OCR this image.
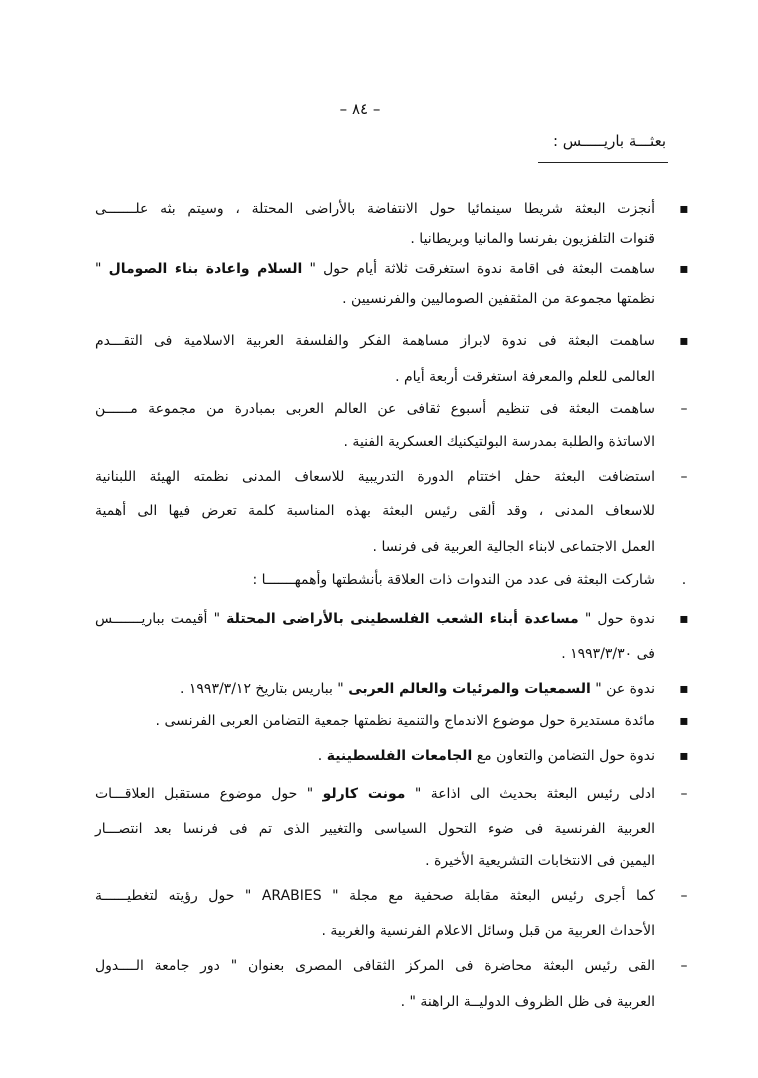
– ٨٤ –
بعثـــة باريـــــس :
▪
أنجزت البعثة شريطا سينمائيا حول الانتفاضة بالأراضى المحتلة ، وسيتم بثه علـــــــى
قنوات التلفزيون بفرنسا والمانيا وبريطانيا .
▪
ساهمت البعثة فى اقامة ندوة استغرقت ثلاثة أيام حول " السلام واعادة بناء الصومال "
نظمتها مجموعة من المثقفين الصوماليين والفرنسيين .
▪
ساهمت البعثة فى ندوة لابراز مساهمة الفكر والفلسفة العربية الاسلامية فى التقـــدم
العالمى للعلم والمعرفة استغرقت أربعة أيام .
–
ساهمت البعثة فى تنظيم أسبوع ثقافى عن العالم العربى بمبادرة من مجموعة مــــــن
الاساتذة والطلبة بمدرسة البولتيكنيك العسكرية الفنية .
–
استضافت البعثة حفل اختتام الدورة التدريبية للاسعاف المدنى نظمته الهيئة اللبنانية
للاسعاف المدنى ، وقد ألقى رئيس البعثة بهذه المناسبة كلمة تعرض فيها الى أهمية
العمل الاجتماعى لابناء الجالية العربية فى فرنسا .
.
شاركت البعثة فى عدد من الندوات ذات العلاقة بأنشطتها وأهمهـــــــا :
▪
ندوة حول " مساعدة أبناء الشعب الفلسطينى بالأراضى المحتلة " أقيمت بباريـــــــس
فى ١٩٩٣/٣/٣٠ .
▪
ندوة عن " السمعيات والمرئيات والعالم العربى " بباريس بتاريخ ١٩٩٣/٣/١٢ .
▪
مائدة مستديرة حول موضوع الاندماج والتنمية نظمتها جمعية التضامن العربى الفرنسى .
▪
ندوة حول التضامن والتعاون مع الجامعات الفلسطينية .
–
ادلى رئيس البعثة بحديث الى اذاعة " مونت كارلو " حول موضوع مستقبل العلاقـــات
العربية الفرنسية فى ضوء التحول السياسى والتغيير الذى تم فى فرنسا بعد انتصـــار
اليمين فى الانتخابات التشريعية الأخيرة .
–
كما أجرى رئيس البعثة مقابلة صحفية مع مجلة " ARABIES " حول رؤيته لتغطيــــــة
الأحداث العربية من قبل وسائل الاعلام الفرنسية والغربية .
–
القى رئيس البعثة محاضرة فى المركز الثقافى المصرى بعنوان " دور جامعة الــــدول
العربية فى ظل الظروف الدوليــة الراهنة " .
